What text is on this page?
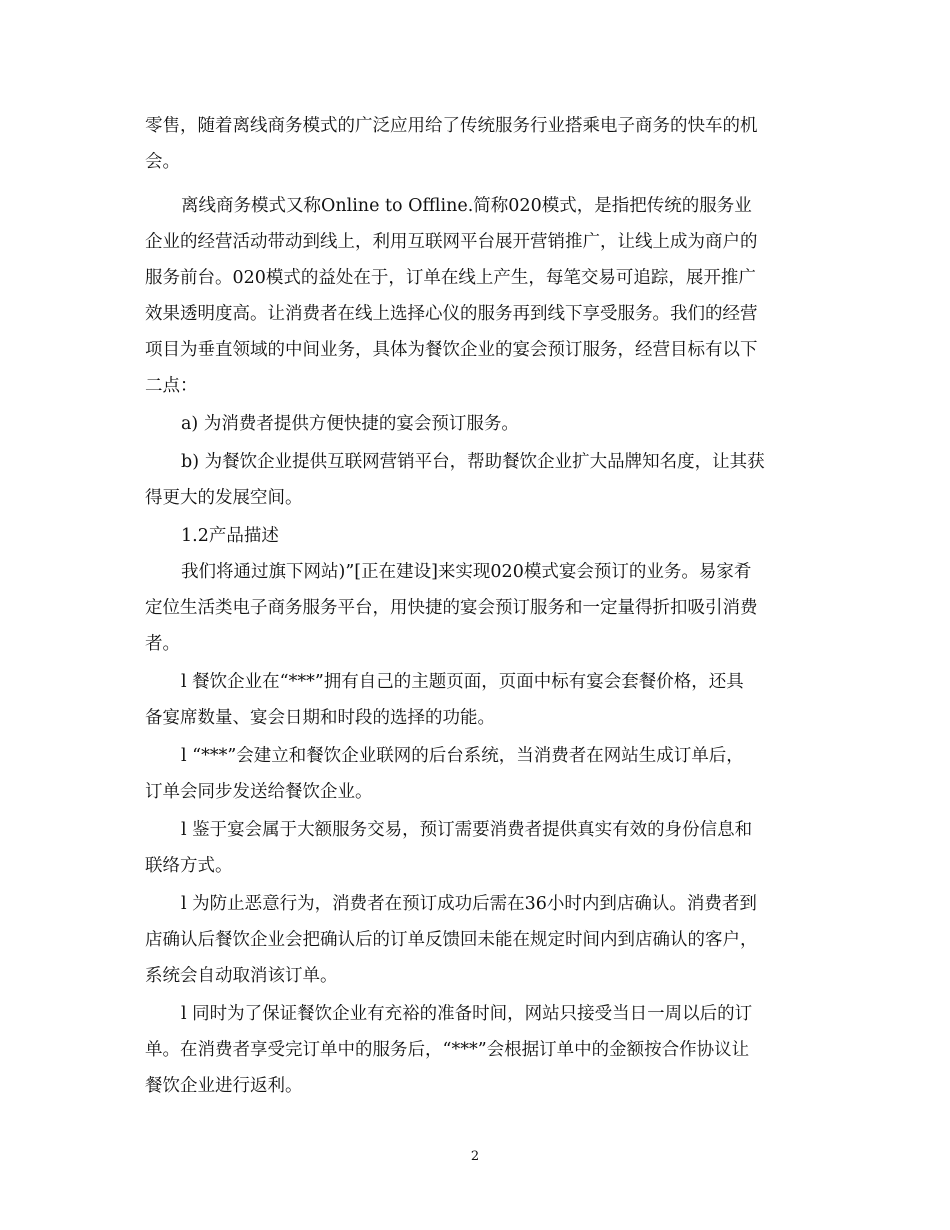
零售，随着离线商务模式的广泛应用给了传统服务行业搭乘电子商务的快车的机
会。
离线商务模式又称Online to Offline.简称020模式，是指把传统的服务业
企业的经营活动带动到线上，利用互联网平台展开营销推广，让线上成为商户的
服务前台。020模式的益处在于，订单在线上产生，每笔交易可追踪，展开推广
效果透明度高。让消费者在线上选择心仪的服务再到线下享受服务。我们的经营
项目为垂直领域的中间业务，具体为餐饮企业的宴会预订服务，经营目标有以下
二点：
a) 为消费者提供方便快捷的宴会预订服务。
b) 为餐饮企业提供互联网营销平台，帮助餐饮企业扩大品牌知名度，让其获
得更大的发展空间。
1.2产品描述
我们将通过旗下网站)”[正在建设]来实现020模式宴会预订的业务。易家肴
定位生活类电子商务服务平台，用快捷的宴会预订服务和一定量得折扣吸引消费
者。
l 餐饮企业在“***”拥有自己的主题页面，页面中标有宴会套餐价格，还具
备宴席数量、宴会日期和时段的选择的功能。
l “***”会建立和餐饮企业联网的后台系统，当消费者在网站生成订单后，
订单会同步发送给餐饮企业。
l 鉴于宴会属于大额服务交易，预订需要消费者提供真实有效的身份信息和
联络方式。
l 为防止恶意行为，消费者在预订成功后需在36小时内到店确认。消费者到
店确认后餐饮企业会把确认后的订单反馈回未能在规定时间内到店确认的客户，
系统会自动取消该订单。
l 同时为了保证餐饮企业有充裕的准备时间，网站只接受当日一周以后的订
单。在消费者享受完订单中的服务后，“***”会根据订单中的金额按合作协议让
餐饮企业进行返利。
2
